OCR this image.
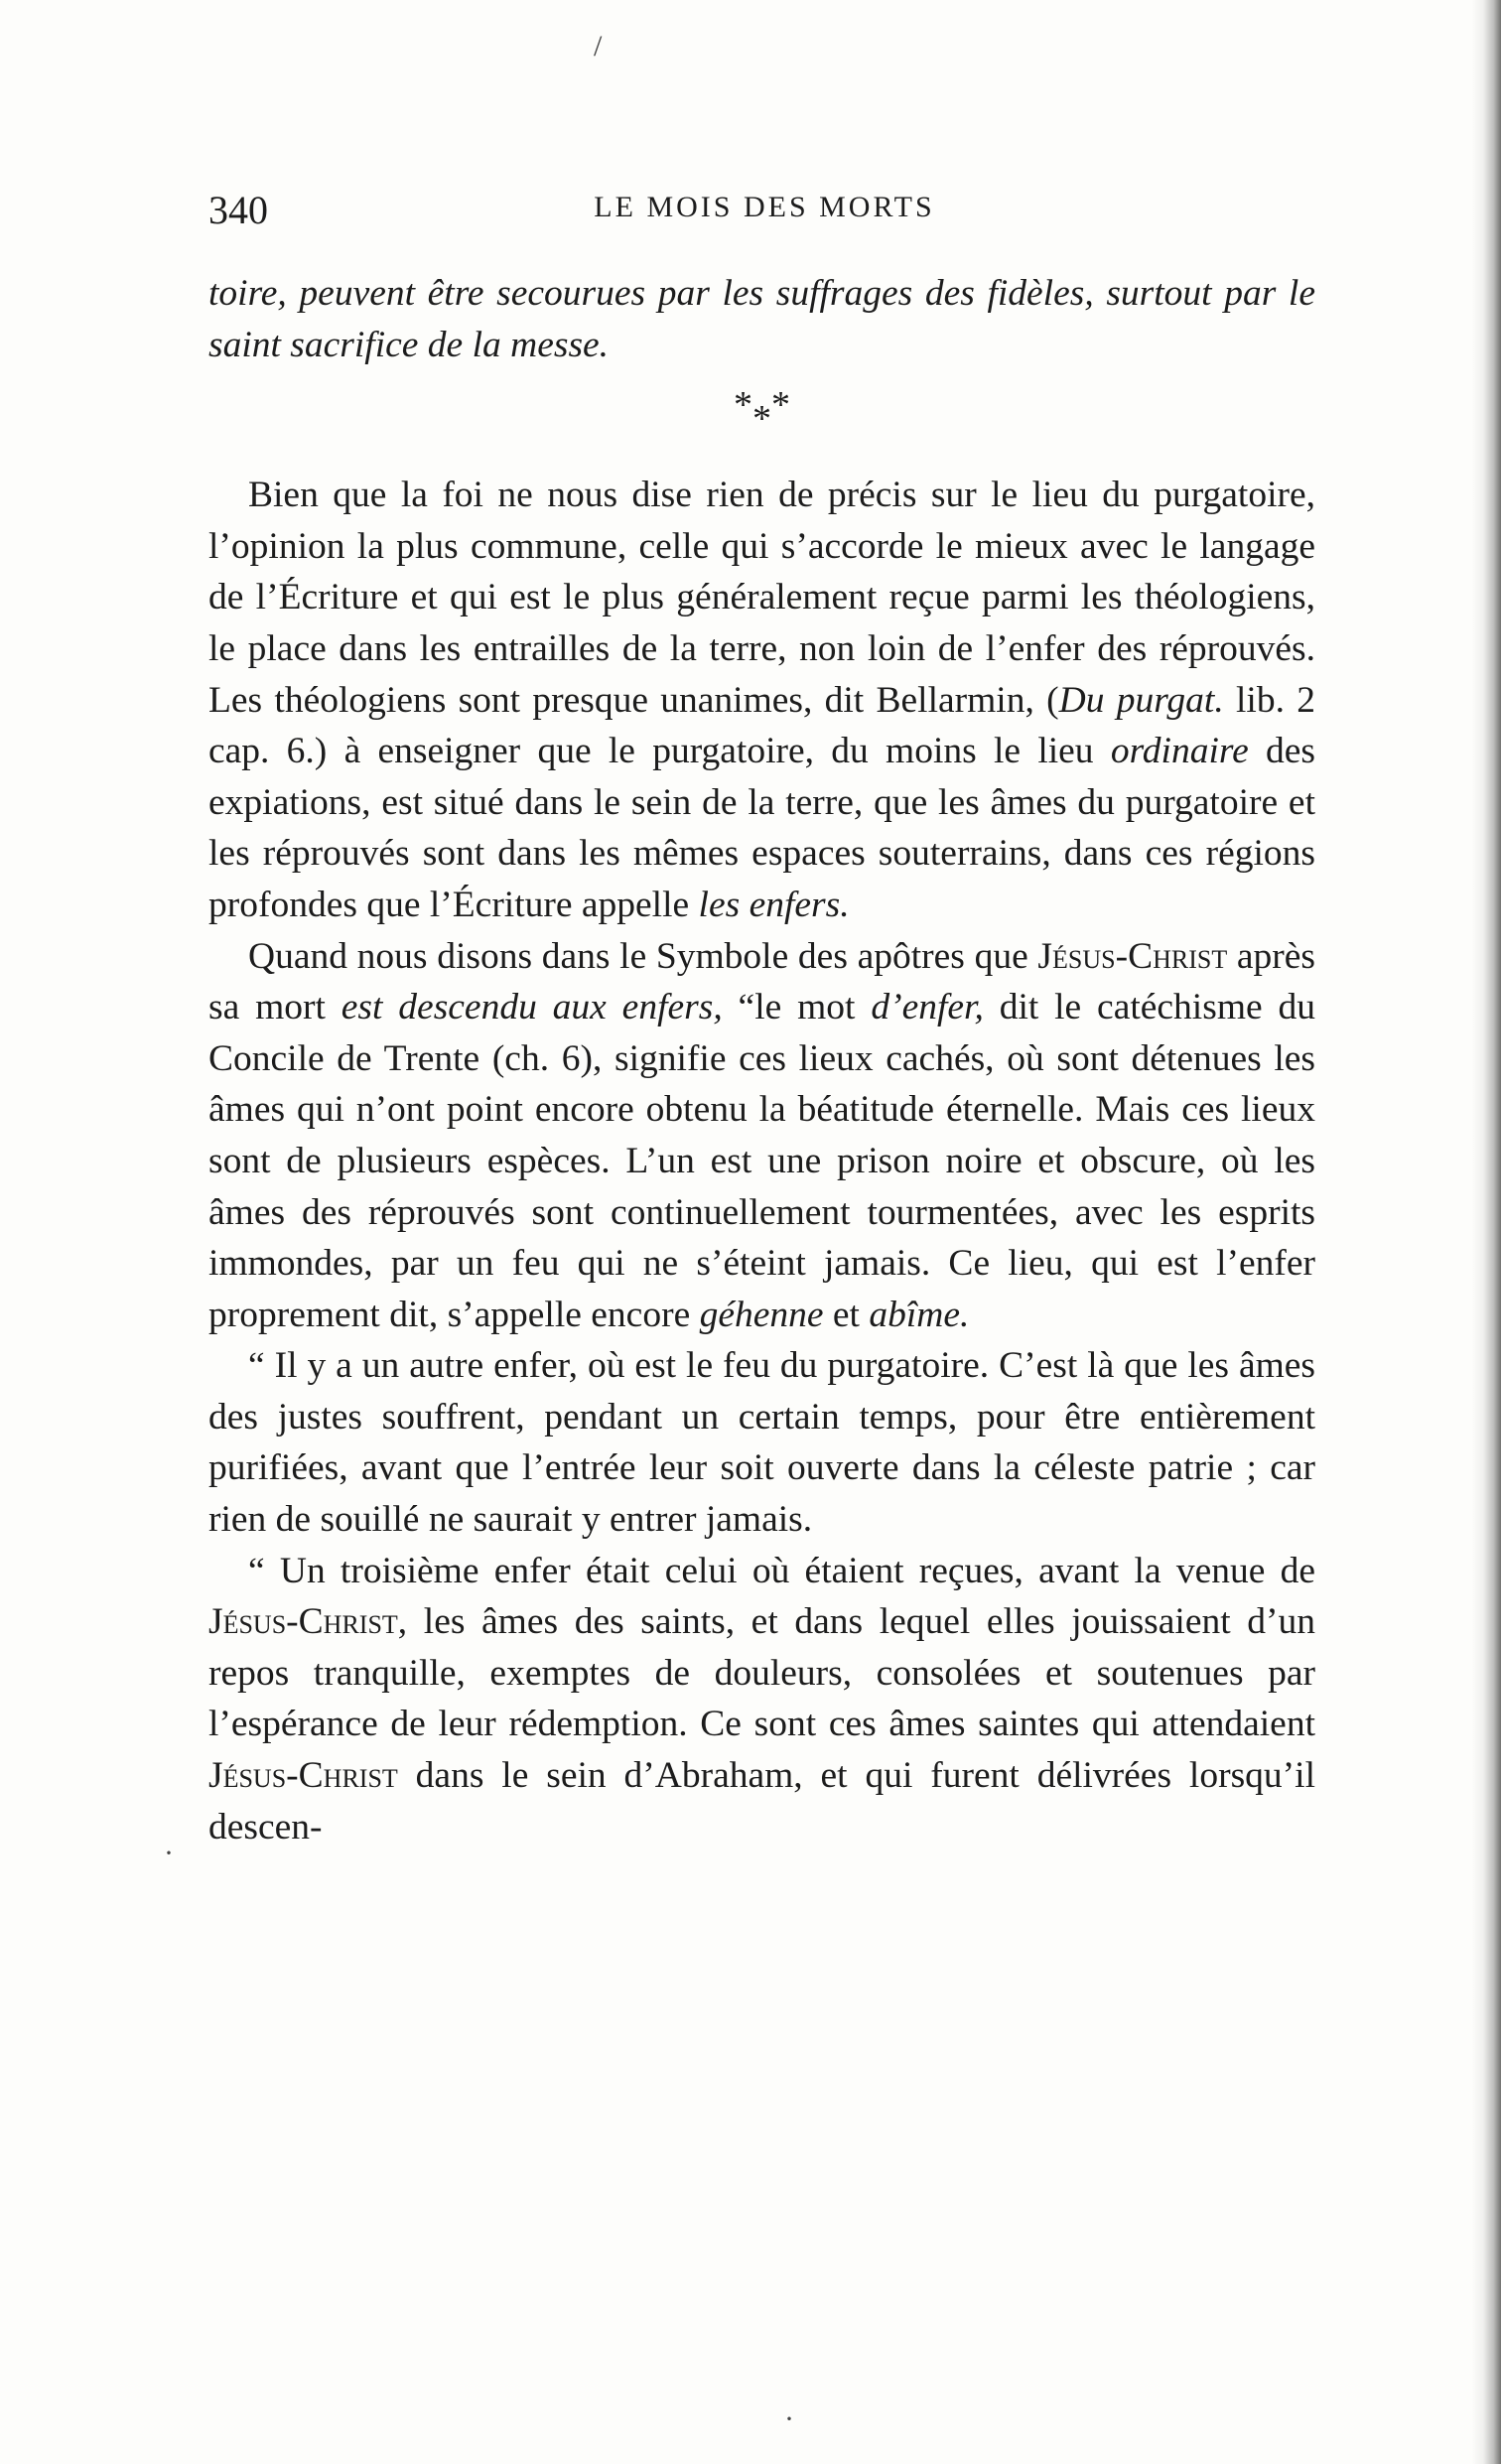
/
340	LE MOIS DES MORTS

toire, peuvent être secourues par les suffrages des fidèles, surtout par le saint sacrifice de la messe.

***

Bien que la foi ne nous dise rien de précis sur le lieu du purgatoire, l’opinion la plus commune, celle qui s’accorde le mieux avec le langage de l’Écriture et qui est le plus généralement reçue parmi les théologiens, le place dans les entrailles de la terre, non loin de l’enfer des réprouvés. Les théologiens sont presque unanimes, dit Bellarmin, (Du purgat. lib. 2 cap. 6.) à enseigner que le purgatoire, du moins le lieu ordinaire des expiations, est situé dans le sein de la terre, que les âmes du purgatoire et les réprouvés sont dans les mêmes espaces souterrains, dans ces régions profondes que l’Écriture appelle les enfers.

Quand nous disons dans le Symbole des apôtres que Jésus-Christ après sa mort est descendu aux enfers, “le mot d’enfer, dit le catéchisme du Concile de Trente (ch. 6), signifie ces lieux cachés, où sont détenues les âmes qui n’ont point encore obtenu la béatitude éternelle. Mais ces lieux sont de plusieurs espèces. L’un est une prison noire et obscure, où les âmes des réprouvés sont continuellement tourmentées, avec les esprits immondes, par un feu qui ne s’éteint jamais. Ce lieu, qui est l’enfer proprement dit, s’appelle encore géhenne et abîme.

“ Il y a un autre enfer, où est le feu du purgatoire. C’est là que les âmes des justes souffrent, pendant un certain temps, pour être entièrement purifiées, avant que l’entrée leur soit ouverte dans la céleste patrie ; car rien de souillé ne saurait y entrer jamais.

“ Un troisième enfer était celui où étaient reçues, avant la venue de Jésus-Christ, les âmes des saints, et dans lequel elles jouissaient d’un repos tranquille, exemptes de douleurs, consolées et soutenues par l’espérance de leur rédemption. Ce sont ces âmes saintes qui attendaient Jésus-Christ dans le sein d’Abraham, et qui furent délivrées lorsqu’il descen-

·
·
